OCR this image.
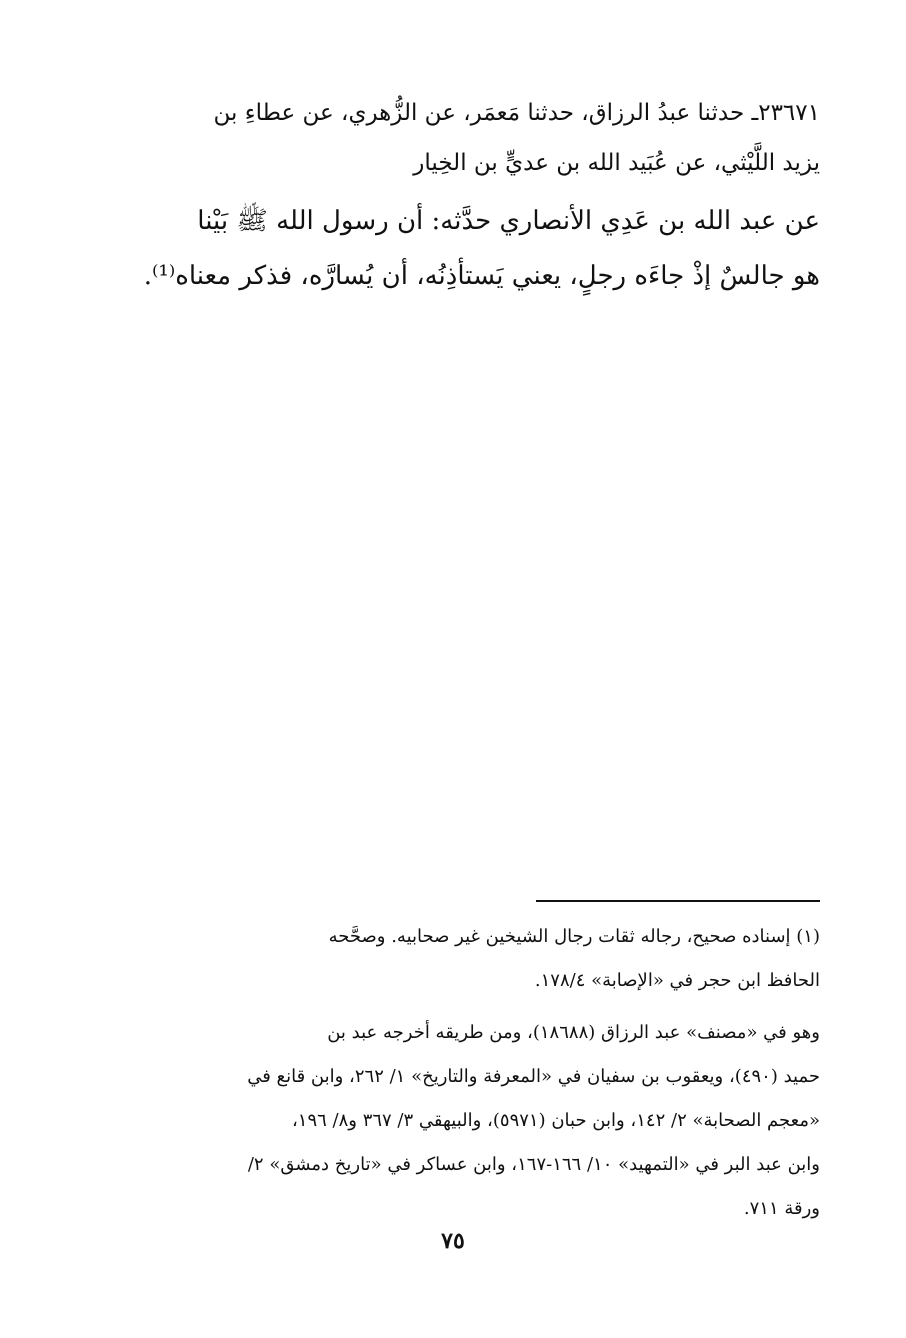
٢٣٦٧١ـ حدثنا عبدُ الرزاق، حدثنا مَعمَر، عن الزُّهري، عن عطاءِ بن
يزيد اللَّيْثي، عن عُبَيد الله بن عديٍّ بن الخِيار
عن عبد الله بن عَدِي الأنصاري حدَّثه: أن رسول الله ﷺ بَيْنا
هو جالسٌ إذْ جاءَه رجلٍ، يعني يَستأذِنُه، أن يُسارَّه، فذكر معناه⁽¹⁾.
(١) إسناده صحيح، رجاله ثقات رجال الشيخين غير صحابيه. وصحَّحه
الحافظ ابن حجر في «الإصابة» ١٧٨/٤.
وهو في «مصنف» عبد الرزاق (١٨٦٨٨)، ومن طريقه أخرجه عبد بن
حميد (٤٩٠)، ويعقوب بن سفيان في «المعرفة والتاريخ» ١/ ٢٦٢، وابن قانع في
«معجم الصحابة» ٢/ ١٤٢، وابن حبان (٥٩٧١)، والبيهقي ٣/ ٣٦٧ و٨/ ١٩٦،
وابن عبد البر في «التمهيد» ١٠/ ١٦٦-١٦٧، وابن عساكر في «تاريخ دمشق» ٢/
ورقة ٧١١.
٧٥
